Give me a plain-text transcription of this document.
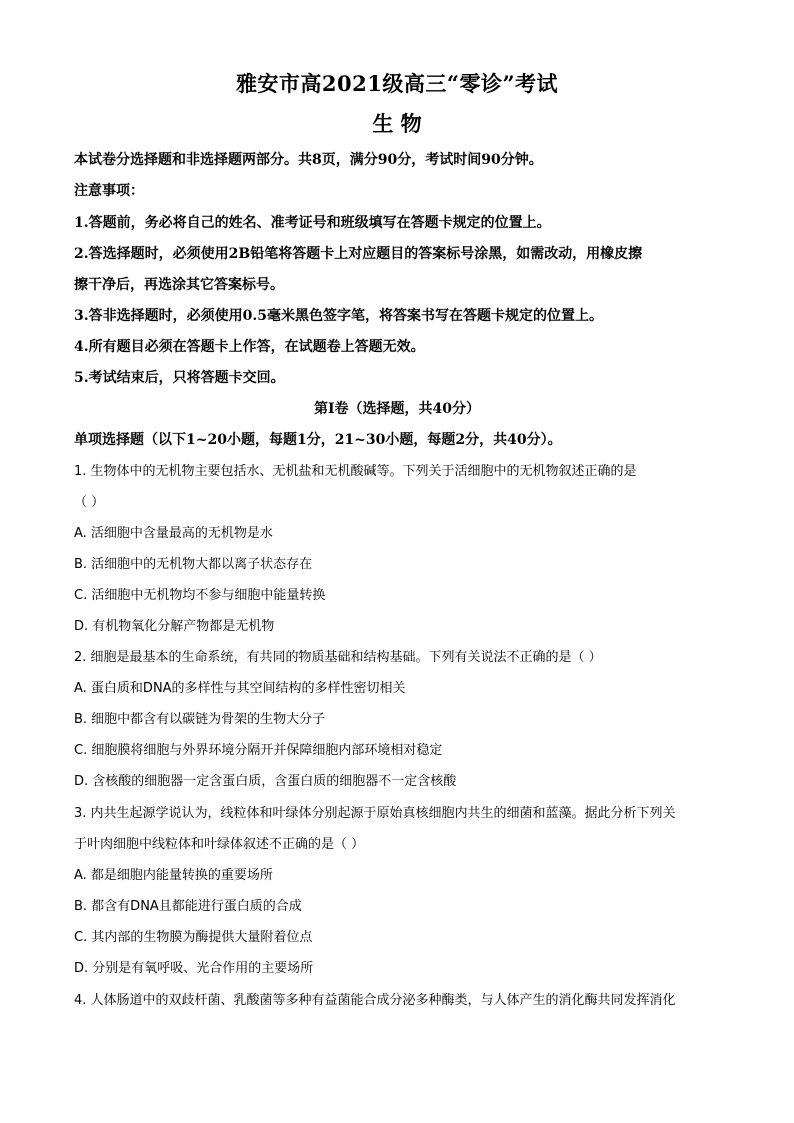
雅安市高2021级高三“零诊”考试
生 物
本试卷分选择题和非选择题两部分。共8页，满分90分，考试时间90分钟。
注意事项：
1.答题前，务必将自己的姓名、准考证号和班级填写在答题卡规定的位置上。
2.答选择题时，必须使用2B铅笔将答题卡上对应题目的答案标号涂黑，如需改动，用橡皮擦
擦干净后，再选涂其它答案标号。
3.答非选择题时，必须使用0.5毫米黑色签字笔，将答案书写在答题卡规定的位置上。
4.所有题目必须在答题卡上作答，在试题卷上答题无效。
5.考试结束后，只将答题卡交回。
第Ⅰ卷（选择题，共40分）
单项选择题（以下1~20小题，每题1分，21~30小题，每题2分，共40分）。
1. 生物体中的无机物主要包括水、无机盐和无机酸碱等。下列关于活细胞中的无机物叙述正确的是
（ ）
A. 活细胞中含量最高的无机物是水
B. 活细胞中的无机物大都以离子状态存在
C. 活细胞中无机物均不参与细胞中能量转换
D. 有机物氧化分解产物都是无机物
2. 细胞是最基本的生命系统，有共同的物质基础和结构基础。下列有关说法不正确的是（ ）
A. 蛋白质和DNA的多样性与其空间结构的多样性密切相关
B. 细胞中都含有以碳链为骨架的生物大分子
C. 细胞膜将细胞与外界环境分隔开并保障细胞内部环境相对稳定
D. 含核酸的细胞器一定含蛋白质，含蛋白质的细胞器不一定含核酸
3. 内共生起源学说认为，线粒体和叶绿体分别起源于原始真核细胞内共生的细菌和蓝藻。据此分析下列关
于叶肉细胞中线粒体和叶绿体叙述不正确的是（ ）
A. 都是细胞内能量转换的重要场所
B. 都含有DNA且都能进行蛋白质的合成
C. 其内部的生物膜为酶提供大量附着位点
D. 分别是有氧呼吸、光合作用的主要场所
4. 人体肠道中的双歧杆菌、乳酸菌等多种有益菌能合成分泌多种酶类，与人体产生的消化酶共同发挥消化
